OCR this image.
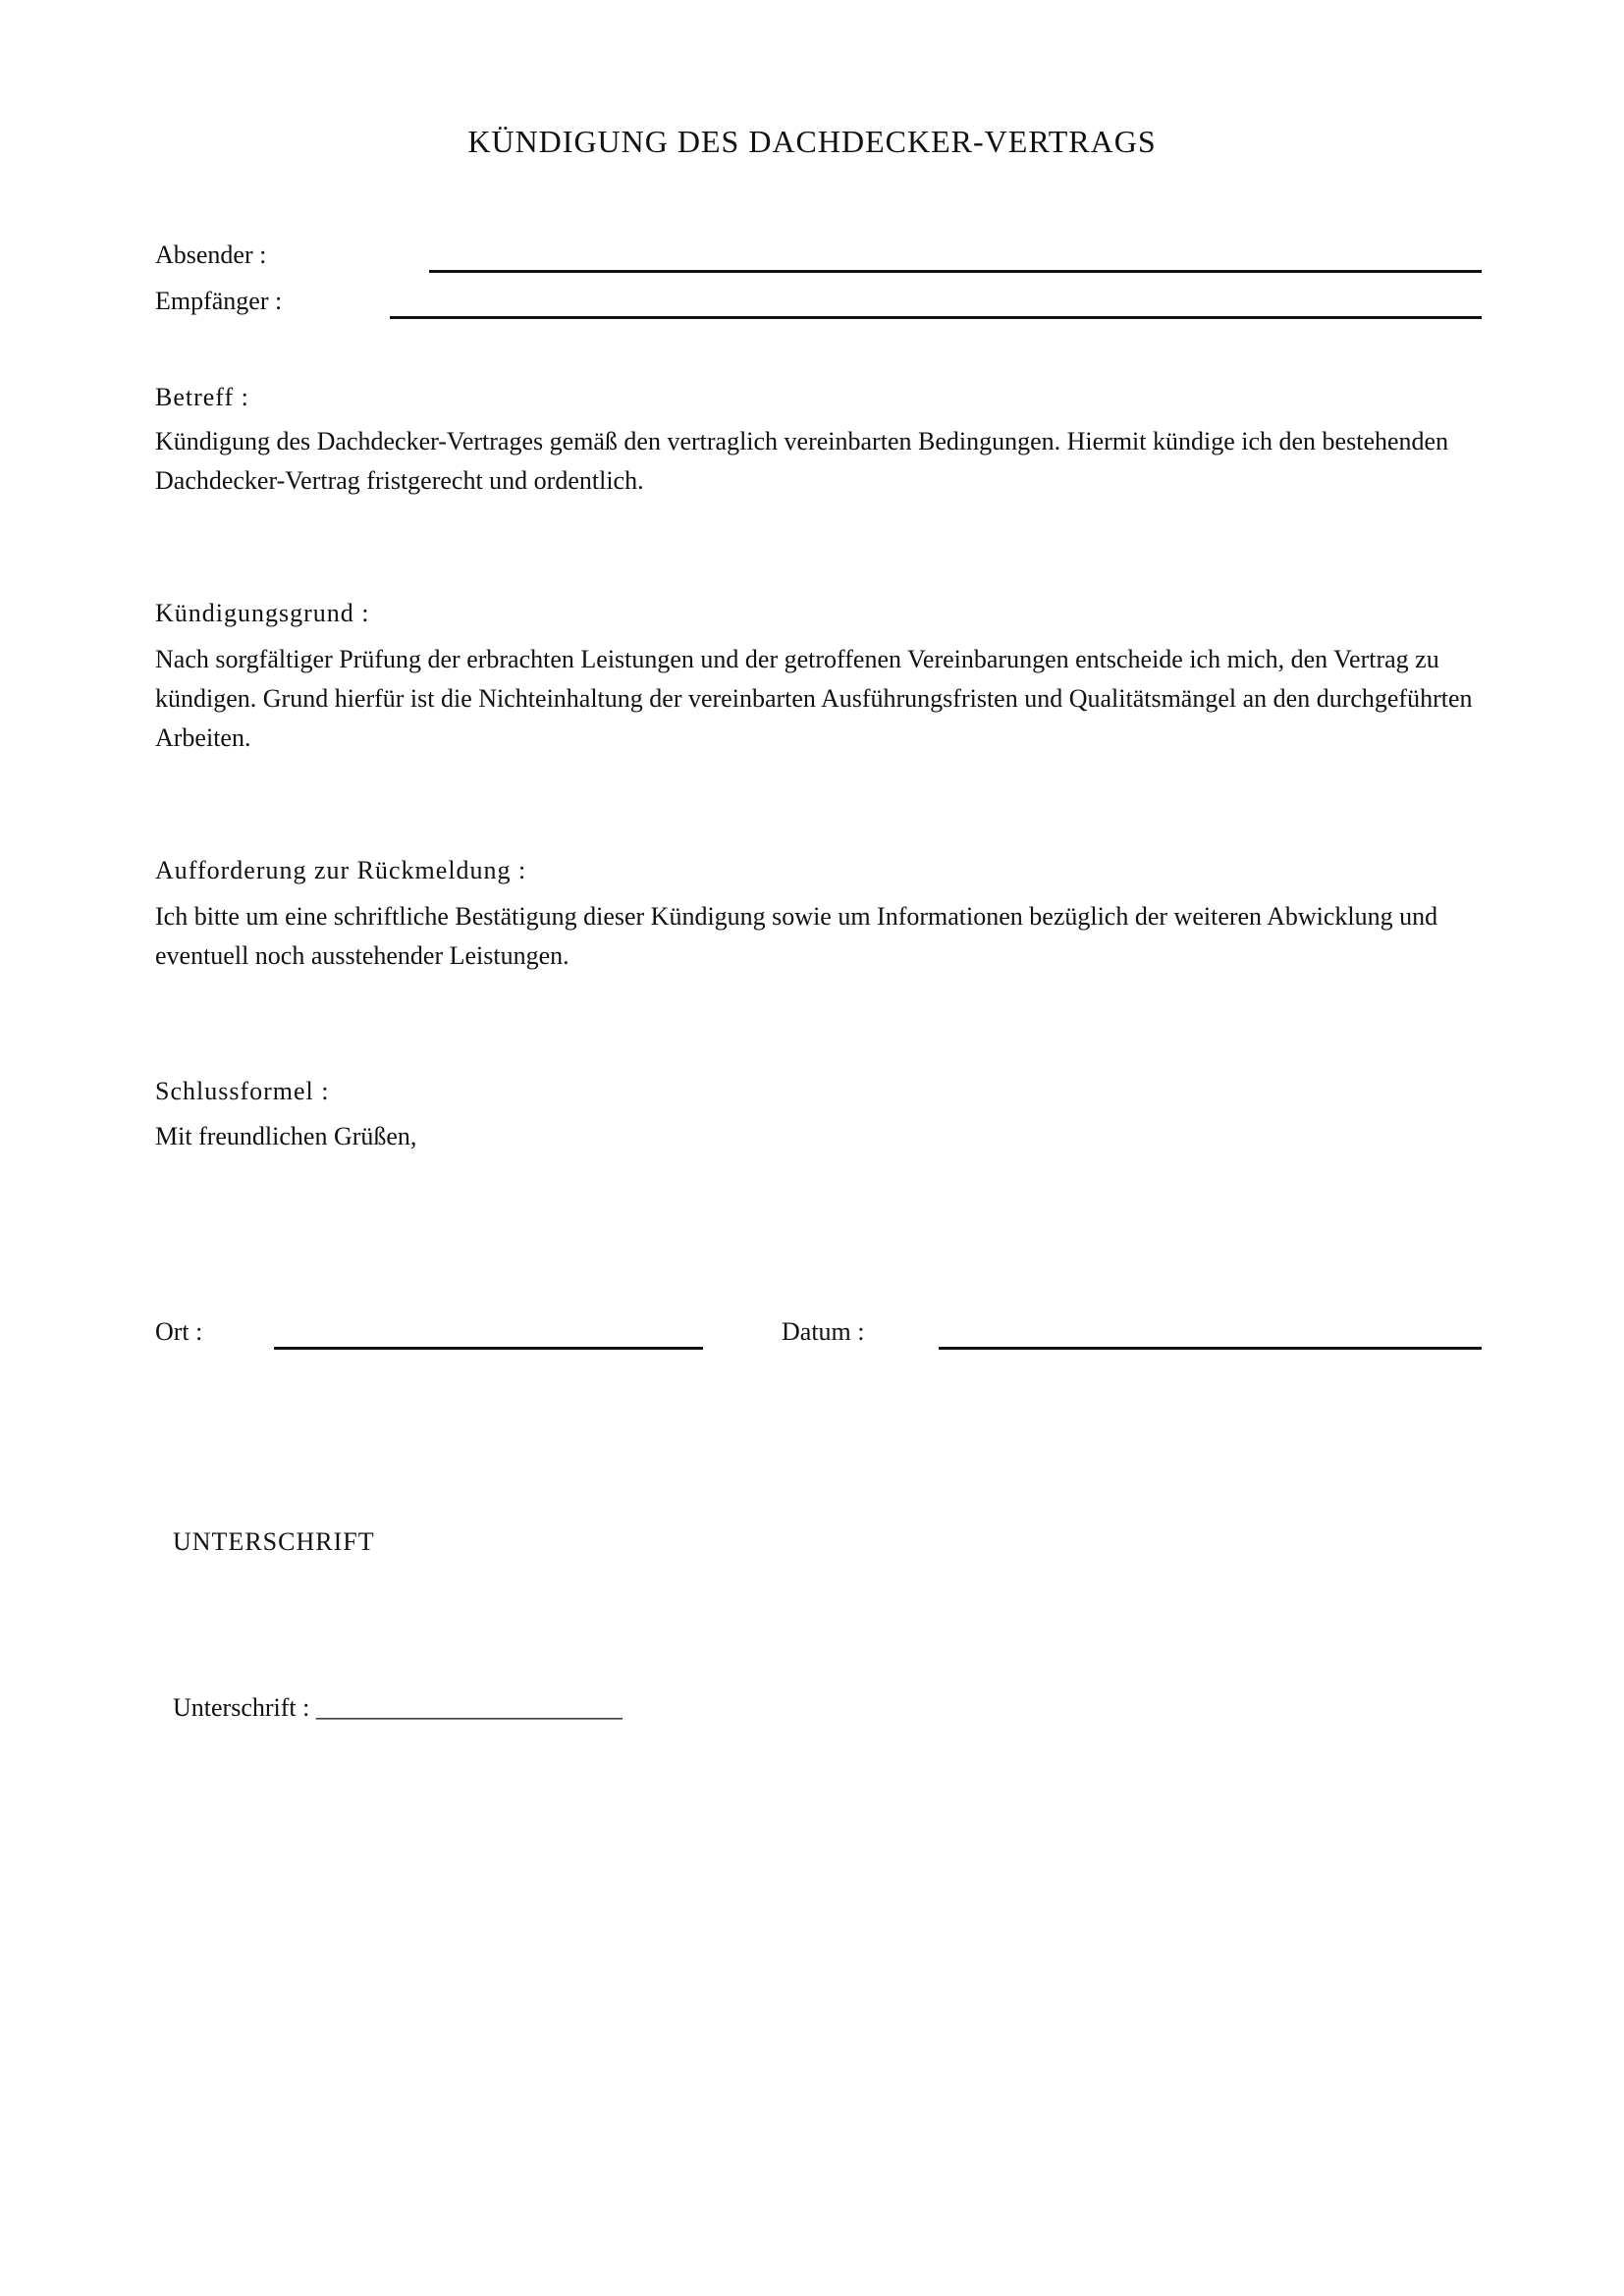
KÜNDIGUNG DES DACHDECKER-VERTRAGS
Absender :
Empfänger :
Betreff :
Kündigung des Dachdecker-Vertrages gemäß den vertraglich vereinbarten Bedingungen. Hiermit kündige ich den bestehenden Dachdecker-Vertrag fristgerecht und ordentlich.
Kündigungsgrund :
Nach sorgfältiger Prüfung der erbrachten Leistungen und der getroffenen Vereinbarungen entscheide ich mich, den Vertrag zu kündigen. Grund hierfür ist die Nichteinhaltung der vereinbarten Ausführungsfristen und Qualitätsmängel an den durchgeführten Arbeiten.
Aufforderung zur Rückmeldung :
Ich bitte um eine schriftliche Bestätigung dieser Kündigung sowie um Informationen bezüglich der weiteren Abwicklung und eventuell noch ausstehender Leistungen.
Schlussformel :
Mit freundlichen Grüßen,
Ort :	Datum :
UNTERSCHRIFT
Unterschrift : ________________________
